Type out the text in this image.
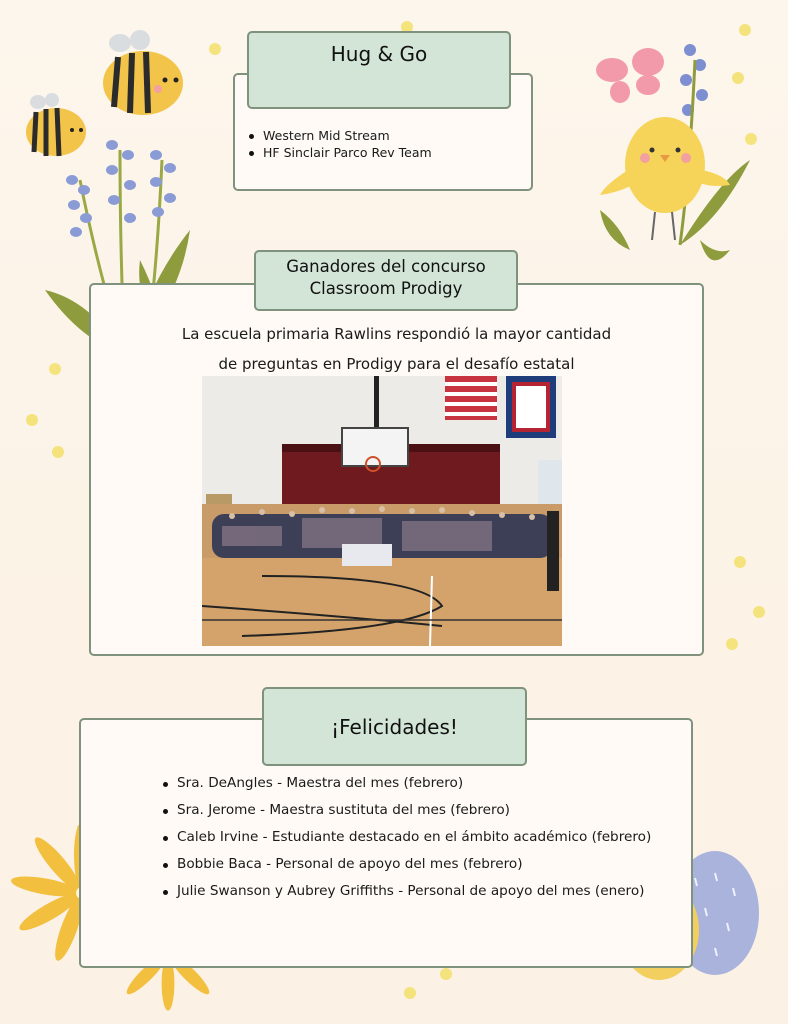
Western Mid Stream
HF Sinclair Parco Rev Team
Hug & Go
La escuela primaria Rawlins respondió la mayor cantidad
de preguntas en Prodigy para el desafío estatal
Ganadores del concurso
Classroom Prodigy
Sra. DeAngles - Maestra del mes (febrero)
Sra. Jerome - Maestra sustituta del mes (febrero)
Caleb Irvine - Estudiante destacado en el ámbito académico (febrero)
Bobbie Baca - Personal de apoyo del mes (febrero)
Julie Swanson y Aubrey Griffiths - Personal de apoyo del mes (enero)
¡Felicidades!
